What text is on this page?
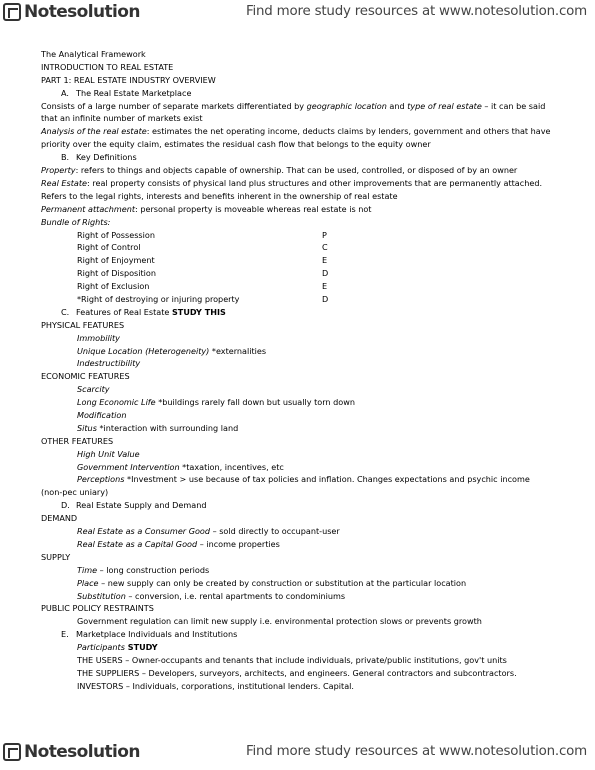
Notesolution	Find more study resources at www.notesolution.com
The Analytical Framework
INTRODUCTION TO REAL ESTATE
PART 1: REAL ESTATE INDUSTRY OVERVIEW
A. The Real Estate Marketplace
Consists of a large number of separate markets differentiated by geographic location and type of real estate – it can be said that an infinite number of markets exist
Analysis of the real estate: estimates the net operating income, deducts claims by lenders, government and others that have priority over the equity claim, estimates the residual cash flow that belongs to the equity owner
B. Key Definitions
Property: refers to things and objects capable of ownership. That can be used, controlled, or disposed of by an owner
Real Estate: real property consists of physical land plus structures and other improvements that are permanently attached. Refers to the legal rights, interests and benefits inherent in the ownership of real estate
Permanent attachment: personal property is moveable whereas real estate is not
Bundle of Rights:
Right of Possession	P
Right of Control	C
Right of Enjoyment	E
Right of Disposition	D
Right of Exclusion	E
*Right of destroying or injuring property	D
C. Features of Real Estate STUDY THIS
PHYSICAL FEATURES
Immobility
Unique Location (Heterogeneity) *externalities
Indestructibility
ECONOMIC FEATURES
Scarcity
Long Economic Life *buildings rarely fall down but usually torn down
Modification
Situs *interaction with surrounding land
OTHER FEATURES
High Unit Value
Government Intervention *taxation, incentives, etc
Perceptions *Investment > use because of tax policies and inflation. Changes expectations and psychic income (non-pec uniary)
D. Real Estate Supply and Demand
DEMAND
Real Estate as a Consumer Good – sold directly to occupant-user
Real Estate as a Capital Good – income properties
SUPPLY
Time – long construction periods
Place – new supply can only be created by construction or substitution at the particular location
Substitution – conversion, i.e. rental apartments to condominiums
PUBLIC POLICY RESTRAINTS
Government regulation can limit new supply i.e. environmental protection slows or prevents growth
E. Marketplace Individuals and Institutions
Participants STUDY
THE USERS – Owner-occupants and tenants that include individuals, private/public institutions, gov't units
THE SUPPLIERS – Developers, surveyors, architects, and engineers. General contractors and subcontractors.
INVESTORS – Individuals, corporations, institutional lenders. Capital.
Notesolution	Find more study resources at www.notesolution.com
